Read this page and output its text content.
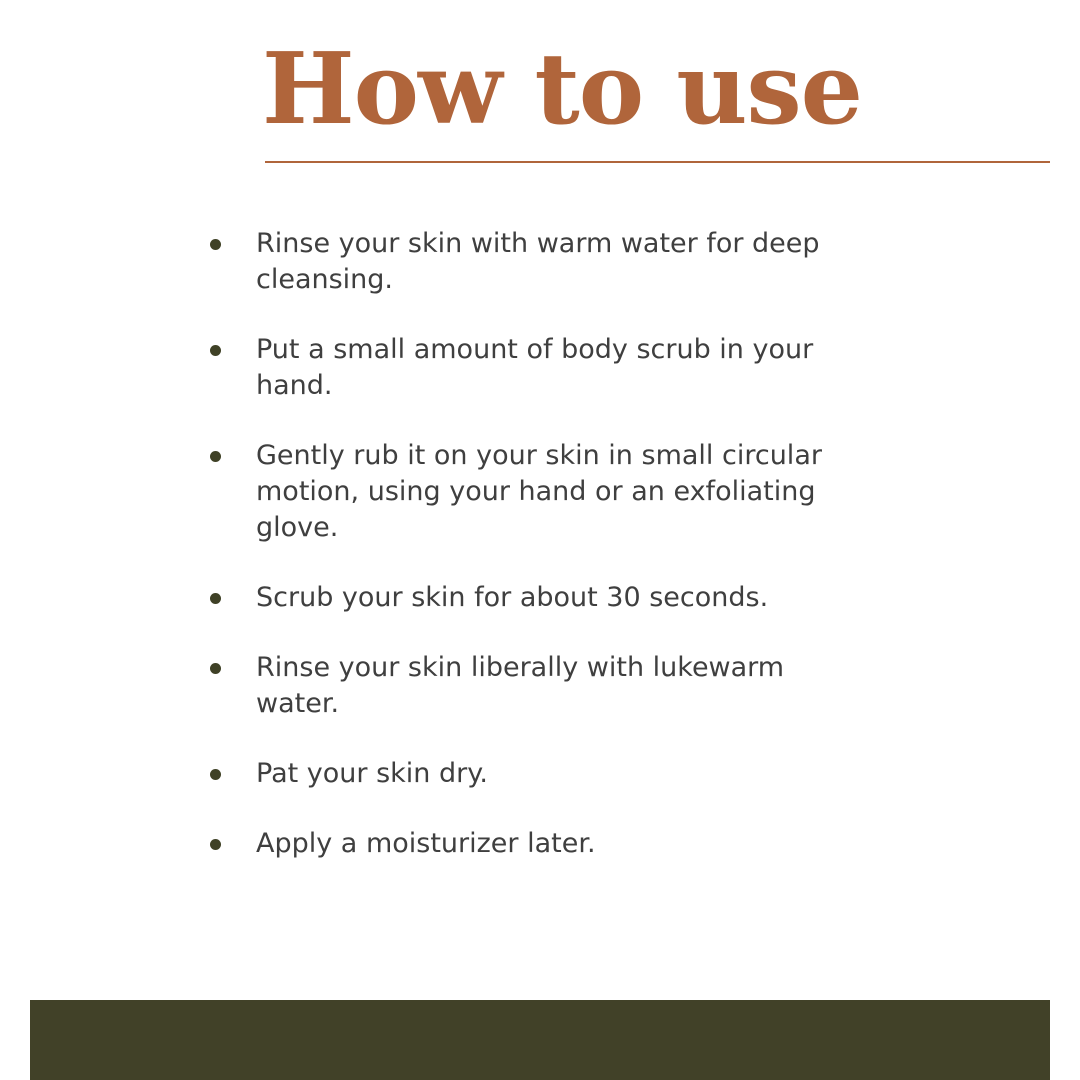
How to use
Rinse your skin with warm water for deep cleansing.
Put a small amount of body scrub in your hand.
Gently rub it on your skin in small circular motion, using your hand or an exfoliating glove.
Scrub your skin for about 30 seconds.
Rinse your skin liberally with lukewarm water.
Pat your skin dry.
Apply a moisturizer later.
